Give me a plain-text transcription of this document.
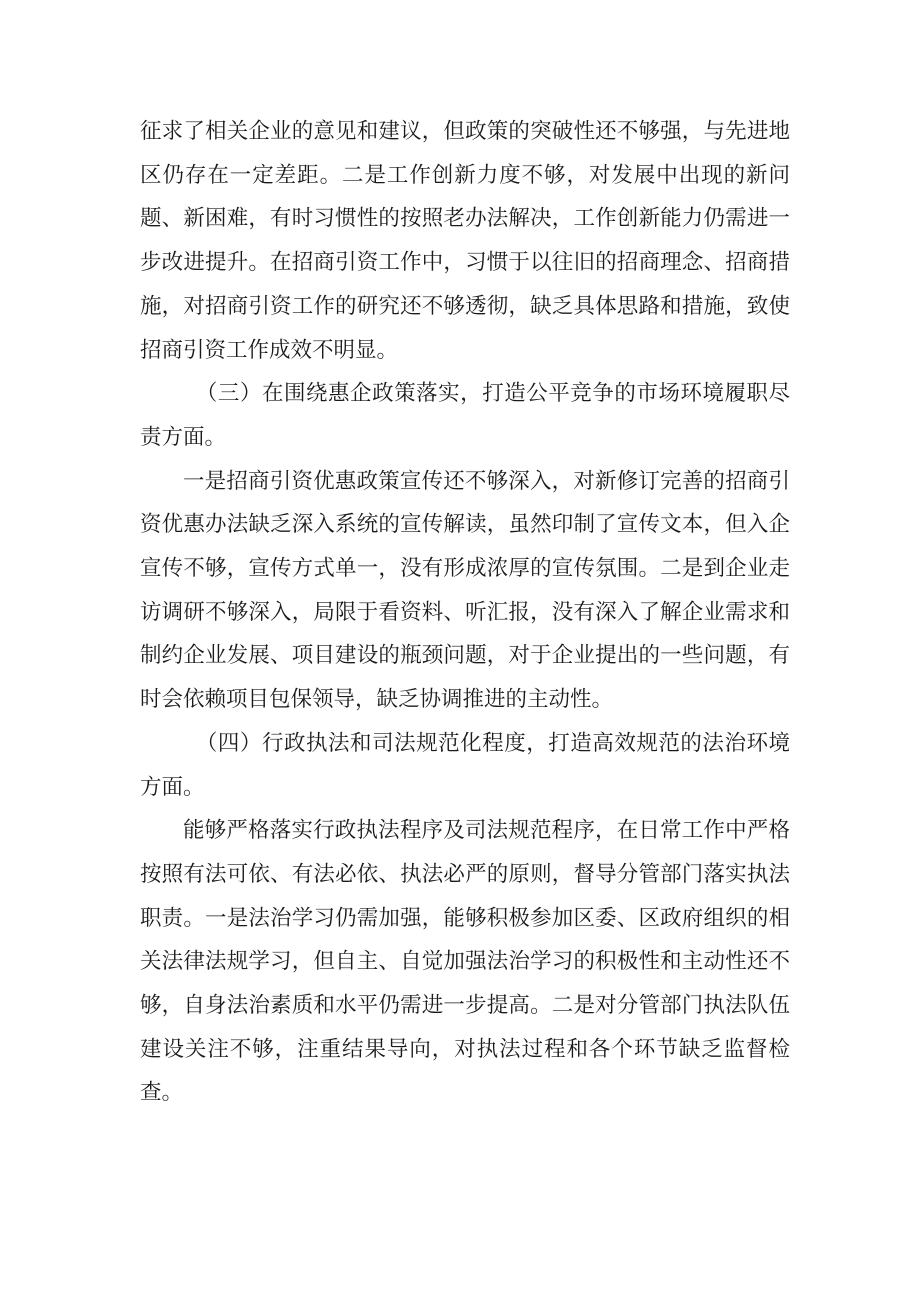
征求了相关企业的意见和建议，但政策的突破性还不够强，与先进地区仍存在一定差距。二是工作创新力度不够，对发展中出现的新问题、新困难，有时习惯性的按照老办法解决，工作创新能力仍需进一步改进提升。在招商引资工作中，习惯于以往旧的招商理念、招商措施，对招商引资工作的研究还不够透彻，缺乏具体思路和措施，致使招商引资工作成效不明显。

（三）在围绕惠企政策落实，打造公平竞争的市场环境履职尽责方面。

一是招商引资优惠政策宣传还不够深入，对新修订完善的招商引资优惠办法缺乏深入系统的宣传解读，虽然印制了宣传文本，但入企宣传不够，宣传方式单一，没有形成浓厚的宣传氛围。二是到企业走访调研不够深入，局限于看资料、听汇报，没有深入了解企业需求和制约企业发展、项目建设的瓶颈问题，对于企业提出的一些问题，有时会依赖项目包保领导，缺乏协调推进的主动性。

（四）行政执法和司法规范化程度，打造高效规范的法治环境方面。

能够严格落实行政执法程序及司法规范程序，在日常工作中严格按照有法可依、有法必依、执法必严的原则，督导分管部门落实执法职责。一是法治学习仍需加强，能够积极参加区委、区政府组织的相关法律法规学习，但自主、自觉加强法治学习的积极性和主动性还不够，自身法治素质和水平仍需进一步提高。二是对分管部门执法队伍建设关注不够，注重结果导向，对执法过程和各个环节缺乏监督检查。
